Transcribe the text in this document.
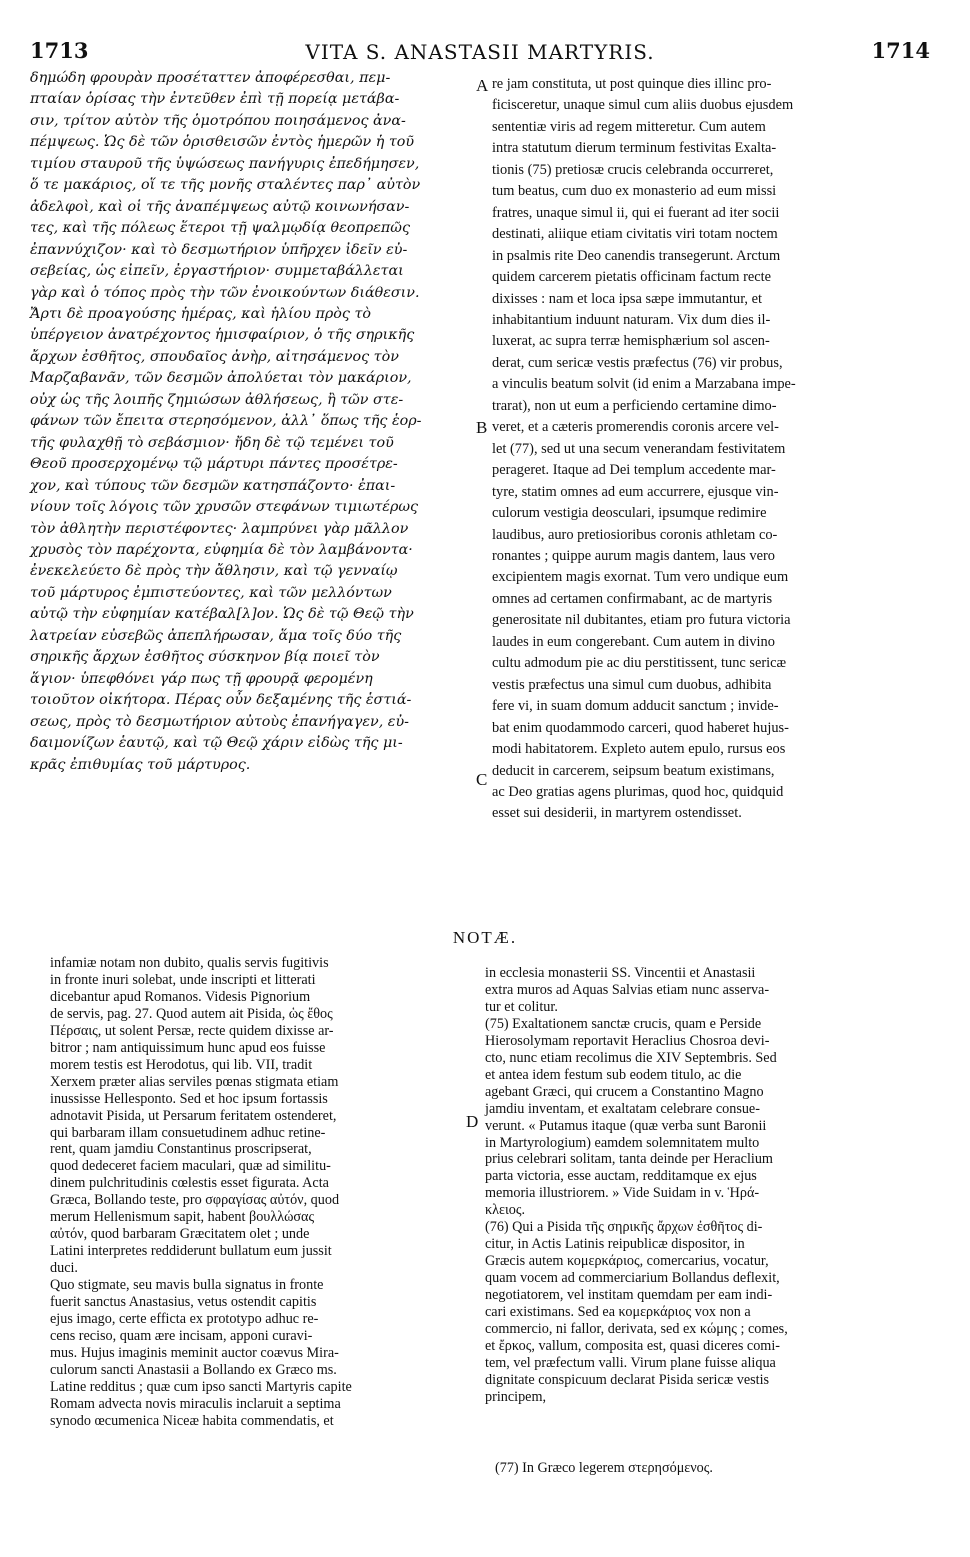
1713	VITA S. ANASTASII MARTYRIS.	1714
δημώδη φρουρὰν προσέταττεν ἀποφέρεσθαι, πεμ-
πταίαν ὁρίσας τὴν ἐντεῦθεν ἐπὶ τῇ πορείᾳ μετάβα-
σιν, τρίτον αὐτὸν τῆς ὁμοτρόπου ποιησάμενος ἀνα-
πέμψεως. Ὡς δὲ τῶν ὁρισθεισῶν ἐντὸς ἡμερῶν ἡ τοῦ
τιμίου σταυροῦ τῆς ὑψώσεως πανήγυρις ἐπεδήμησεν,
ὅ τε μακάριος, οἵ τε τῆς μονῆς σταλέντες παρ᾿ αὐτὸν
ἀδελφοὶ, καὶ οἱ τῆς ἀναπέμψεως αὐτῷ κοινωνήσαν-
τες, καὶ τῆς πόλεως ἕτεροι τῇ ψαλμῳδίᾳ θεοπρεπῶς
ἐπαννύχιζον· καὶ τὸ δεσμωτήριον ὑπῆρχεν ἰδεῖν εὐ-
σεβείας, ὡς εἰπεῖν, ἐργαστήριον· συμμεταβάλλεται
γὰρ καὶ ὁ τόπος πρὸς τὴν τῶν ἐνοικούντων διάθεσιν.
Ἄρτι δὲ προαγούσης ἡμέρας, καὶ ἡλίου πρὸς τὸ
ὑπέργειον ἀνατρέχοντος ἡμισφαίριον, ὁ τῆς σηρικῆς
ἄρχων ἐσθῆτος, σπουδαῖος ἀνὴρ, αἰτησάμενος τὸν
Μαρζαβανᾶν, τῶν δεσμῶν ἀπολύεται τὸν μακάριον,
οὐχ ὡς τῆς λοιπῆς ζημιώσων ἀθλήσεως, ἢ τῶν στε-
φάνων τῶν ἔπειτα στερησόμενον, ἀλλ᾿ ὅπως τῆς ἑορ-
τῆς φυλαχθῇ τὸ σεβάσμιον· ἤδη δὲ τῷ τεμένει τοῦ
Θεοῦ προσερχομένῳ τῷ μάρτυρι πάντες προσέτρε-
χον, καὶ τύπους τῶν δεσμῶν κατησπάζοντο· ἐπαι-
νίουν τοῖς λόγοις τῶν χρυσῶν στεφάνων τιμιωτέρως
τὸν ἀθλητὴν περιστέφοντες· λαμπρύνει γὰρ μᾶλλον
χρυσὸς τὸν παρέχοντα, εὐφημία δὲ τὸν λαμβάνοντα·
ἐνεκελεύετο δὲ πρὸς τὴν ἄθλησιν, καὶ τῷ γενναίῳ
τοῦ μάρτυρος ἐμπιστεύοντες, καὶ τῶν μελλόντων
αὐτῷ τὴν εὐφημίαν κατέβαλ[λ]ον. Ὡς δὲ τῷ Θεῷ τὴν
λατρείαν εὐσεβῶς ἀπεπλήρωσαν, ἅμα τοῖς δύο τῆς
σηρικῆς ἄρχων ἐσθῆτος σύσκηνον βίᾳ ποιεῖ τὸν
ἅγιον· ὑπεφθόνει γάρ πως τῇ φρουρᾷ φερομένη
τοιοῦτον οἰκήτορα. Πέρας οὖν δεξαμένης τῆς ἑστιά-
σεως, πρὸς τὸ δεσμωτήριον αὐτοὺς ἐπανήγαγεν, εὐ-
δαιμονίζων ἑαυτῷ, καὶ τῷ Θεῷ χάριν εἰδὼς τῆς μι-
κρᾶς ἐπιθυμίας τοῦ μάρτυρος.
re jam constituta, ut post quinque dies illinc pro-
ficisceretur, unaque simul cum aliis duobus ejusdem
sententiæ viris ad regem mitteretur. Cum autem
intra statutum dierum terminum festivitas Exalta-
tionis (75) pretiosæ crucis celebranda occurreret,
tum beatus, cum duo ex monasterio ad eum missi
fratres, unaque simul ii, qui ei fuerant ad iter socii
destinati, aliique etiam civitatis viri totam noctem
in psalmis rite Deo canendis transegerunt. Arctum
quidem carcerem pietatis officinam factum recte
dixisses : nam et loca ipsa sæpe immutantur, et
inhabitantium induunt naturam. Vix dum dies il-
luxerat, ac supra terræ hemisphærium sol ascen-
derat, cum sericæ vestis præfectus (76) vir probus,
a vinculis beatum solvit (id enim a Marzabana impe-
trarat), non ut eum a perficiendo certamine dimo-
veret, et a cæteris promerendis coronis arcere vel-
let (77), sed ut una secum venerandam festivitatem
perageret. Itaque ad Dei templum accedente mar-
tyre, statim omnes ad eum accurrere, ejusque vin-
culorum vestigia deosculari, ipsumque redimire
laudibus, auro pretiosioribus coronis athletam co-
ronantes ; quippe aurum magis dantem, laus vero
excipientem magis exornat. Tum vero undique eum
omnes ad certamen confirmabant, ac de martyris
generositate nil dubitantes, etiam pro futura victoria
laudes in eum congerebant. Cum autem in divino
cultu admodum pie ac diu perstitissent, tunc sericæ
vestis præfectus una simul cum duobus, adhibita
fere vi, in suam domum adducit sanctum ; invide-
bat enim quodammodo carceri, quod haberet hujus-
modi habitatorem. Expleto autem epulo, rursus eos
deducit in carcerem, seipsum beatum existimans,
ac Deo gratias agens plurimas, quod hoc, quidquid
esset sui desiderii, in martyrem ostendisset.
A
B
C
D
NOTÆ.
infamiæ notam non dubito, qualis servis fugitivis
in fronte inuri solebat, unde inscripti et litterati
dicebantur apud Romanos. Videsis Pignorium
de servis, pag. 27. Quod autem ait Pisida, ὡς ἔθος
Πέρσαις, ut solent Persæ, recte quidem dixisse ar-
bitror ; nam antiquissimum hunc apud eos fuisse
morem testis est Herodotus, qui lib. VII, tradit
Xerxem præter alias serviles pœnas stigmata etiam
inussisse Hellesponto. Sed et hoc ipsum fortassis
adnotavit Pisida, ut Persarum feritatem ostenderet,
qui barbaram illam consuetudinem adhuc retine-
rent, quam jamdiu Constantinus proscripserat,
quod dedeceret faciem maculari, quæ ad similitu-
dinem pulchritudinis cœlestis esset figurata. Acta
Græca, Bollando teste, pro σφραγίσας αὐτόν, quod
merum Hellenismum sapit, habent βουλλώσας
αὐτόν, quod barbaram Græcitatem olet ; unde
Latini interpretes reddiderunt bullatum eum jussit
duci.
Quo stigmate, seu mavis bulla signatus in fronte
fuerit sanctus Anastasius, vetus ostendit capitis
ejus imago, certe efficta ex prototypo adhuc re-
cens reciso, quam ære incisam, apponi curavi-
mus. Hujus imaginis meminit auctor coævus Mira-
culorum sancti Anastasii a Bollando ex Græco ms.
Latine redditus ; quæ cum ipso sancti Martyris capite
Romam advecta novis miraculis inclaruit a septima
synodo œcumenica Niceæ habita commendatis, et
in ecclesia monasterii SS. Vincentii et Anastasii
extra muros ad Aquas Salvias etiam nunc asserva-
tur et colitur.
(75) Exaltationem sanctæ crucis, quam e Perside
Hierosolymam reportavit Heraclius Chosroa devi-
cto, nunc etiam recolimus die XIV Septembris. Sed
et antea idem festum sub eodem titulo, ac die
agebant Græci, qui crucem a Constantino Magno
jamdiu inventam, et exaltatam celebrare consue-
verunt. « Putamus itaque (quæ verba sunt Baronii
in Martyrologium) eamdem solemnitatem multo
prius celebrari solitam, tanta deinde per Heraclium
parta victoria, esse auctam, redditamque ex ejus
memoria illustriorem. » Vide Suidam in v. Ἡρά-
κλειος.
(76) Qui a Pisida τῆς σηρικῆς ἄρχων ἐσθῆτος di-
citur, in Actis Latinis reipublicæ dispositor, in
Græcis autem κομερκάριος, comercarius, vocatur,
quam vocem ad commerciarium Bollandus deflexit,
negotiatorem, vel institam quemdam per eam indi-
cari existimans. Sed ea κομερκάριος vox non a
commercio, ni fallor, derivata, sed ex κώμης ; comes,
et ἔρκος, vallum, composita est, quasi diceres comi-
tem, vel præfectum valli. Virum plane fuisse aliqua
dignitate conspicuum declarat Pisida sericæ vestis
principem,
(77) In Græco legerem στερησόμενος.
